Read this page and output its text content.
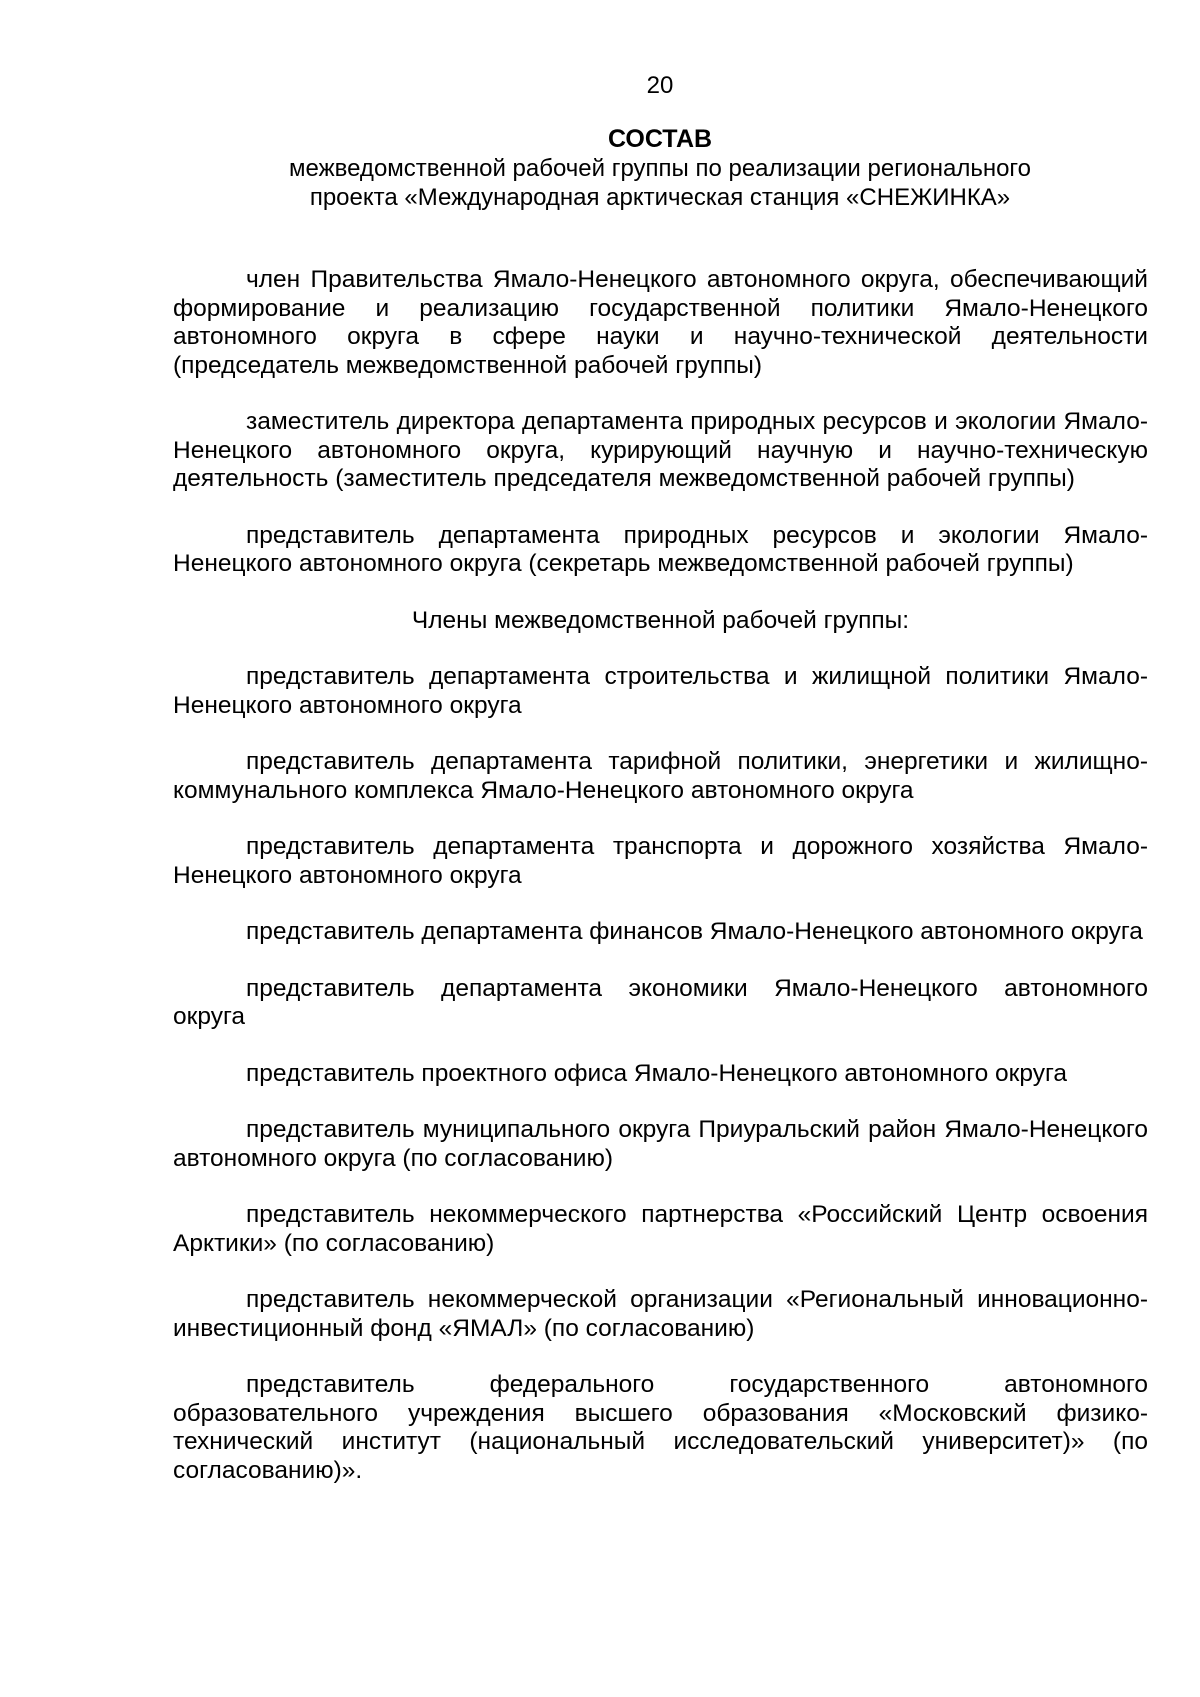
20
СОСТАВ
межведомственной рабочей группы по реализации регионального
проекта «Международная арктическая станция «СНЕЖИНКА»

член Правительства Ямало-Ненецкого автономного округа, обеспечивающий формирование и реализацию государственной политики Ямало-Ненецкого автономного округа в сфере науки и научно-технической деятельности (председатель межведомственной рабочей группы)

заместитель директора департамента природных ресурсов и экологии Ямало-Ненецкого автономного округа, курирующий научную и научно-техническую деятельность (заместитель председателя межведомственной рабочей группы)

представитель департамента природных ресурсов и экологии Ямало-Ненецкого автономного округа (секретарь межведомственной рабочей группы)

Члены межведомственной рабочей группы:

представитель департамента строительства и жилищной политики Ямало-Ненецкого автономного округа

представитель департамента тарифной политики, энергетики и жилищно-коммунального комплекса Ямало-Ненецкого автономного округа

представитель департамента транспорта и дорожного хозяйства Ямало-Ненецкого автономного округа

представитель департамента финансов Ямало-Ненецкого автономного округа

представитель департамента экономики Ямало-Ненецкого автономного округа

представитель проектного офиса Ямало-Ненецкого автономного округа

представитель муниципального округа Приуральский район Ямало-Ненецкого автономного округа (по согласованию)

представитель некоммерческого партнерства «Российский Центр освоения Арктики» (по согласованию)

представитель некоммерческой организации «Региональный инновационно-инвестиционный фонд «ЯМАЛ» (по согласованию)

представитель федерального государственного автономного образовательного учреждения высшего образования «Московский физико-технический институт (национальный исследовательский университет)» (по согласованию)».
